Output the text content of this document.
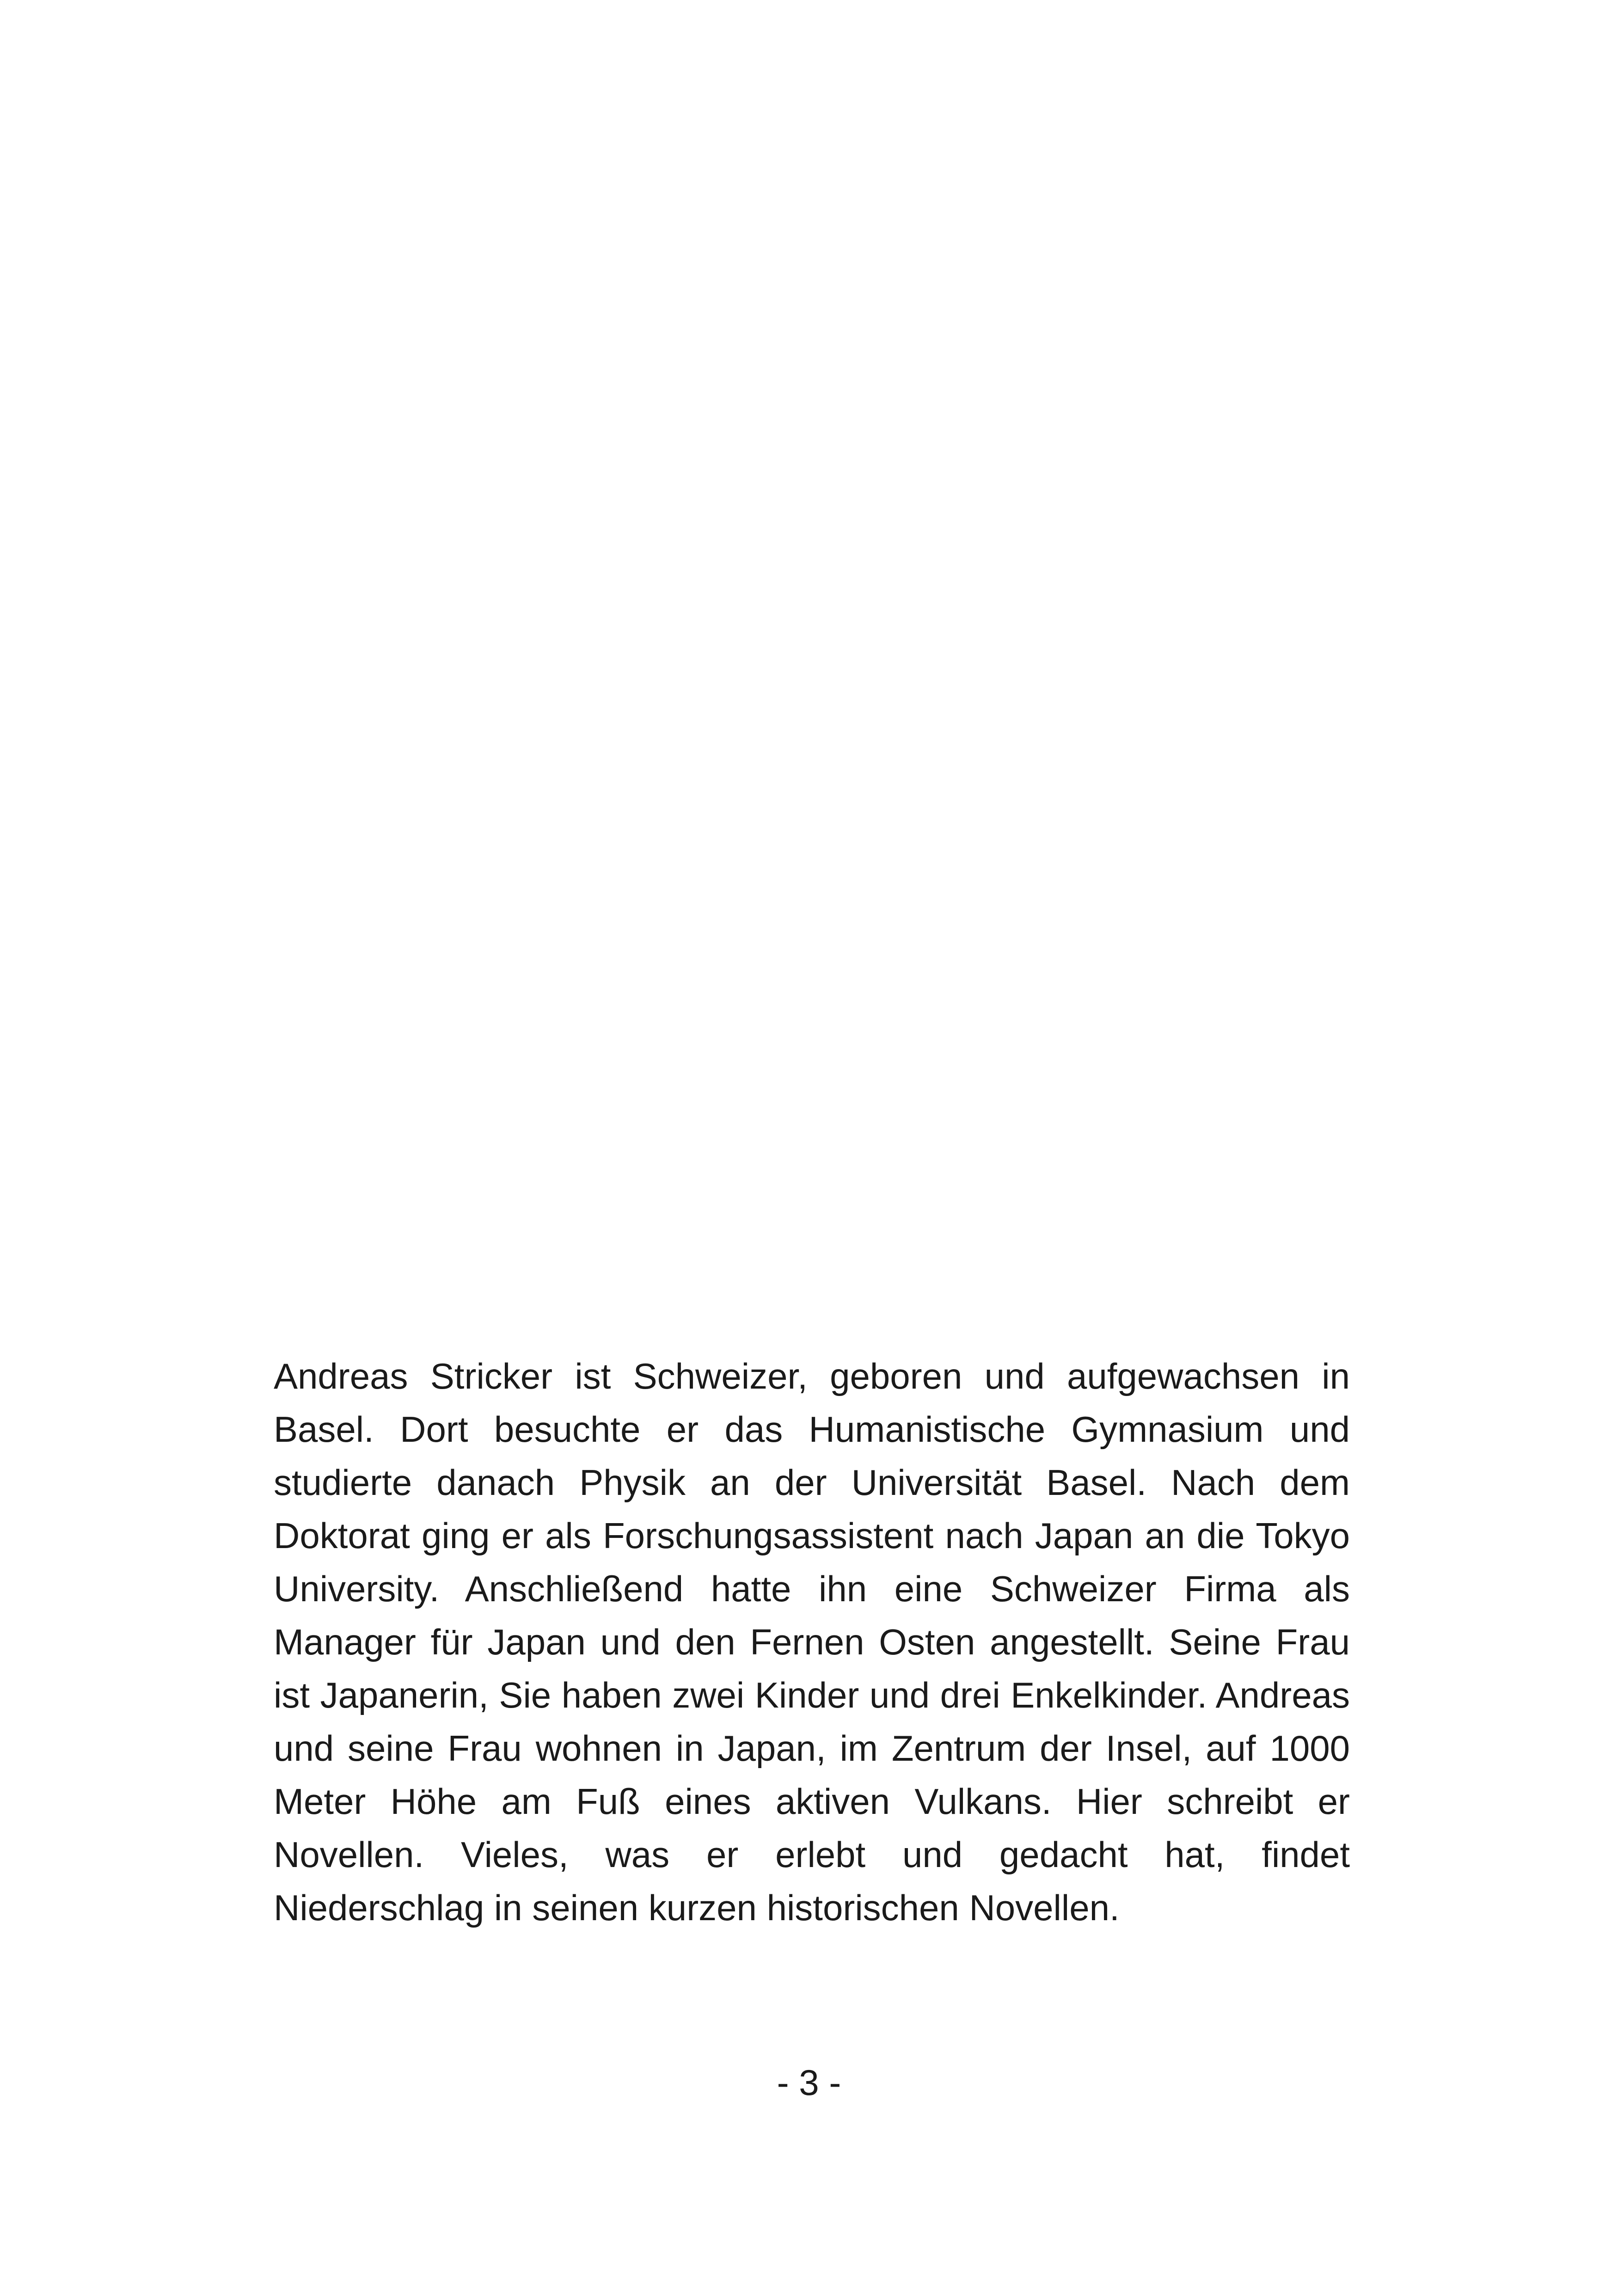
Andreas Stricker ist Schweizer, geboren und aufgewachsen in Basel. Dort besuchte er das Humanistische Gymnasium und studierte danach Physik an der Universität Basel. Nach dem Doktorat ging er als Forschungsassistent nach Japan an die Tokyo University. Anschließend hatte ihn eine Schweizer Firma als Manager für Japan und den Fernen Osten angestellt. Seine Frau ist Japanerin, Sie haben zwei Kinder und drei Enkelkinder. Andreas und seine Frau wohnen in Japan, im Zentrum der Insel, auf 1000 Meter Höhe am Fuß eines aktiven Vulkans. Hier schreibt er Novellen. Vieles, was er erlebt und gedacht hat, findet Niederschlag in seinen kurzen historischen Novellen.

- 3 -
